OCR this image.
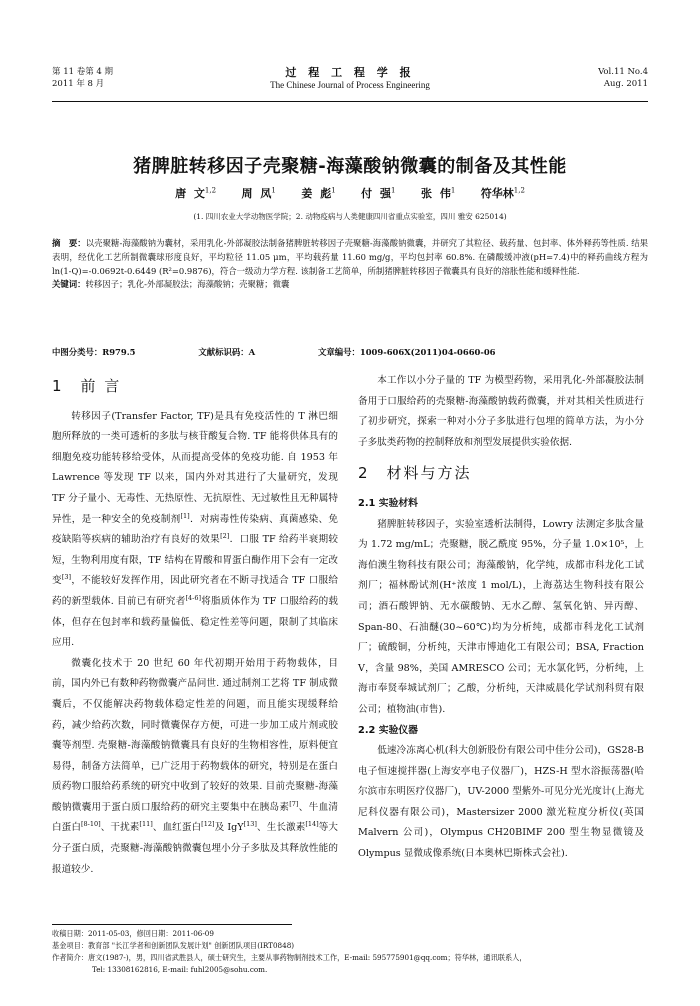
第 11 卷第 4 期
2011 年 8 月
过 程 工 程 学 报
The Chinese Journal of Process Engineering
Vol.11 No.4
Aug. 2011
猪脾脏转移因子壳聚糖-海藻酸钠微囊的制备及其性能
唐 文$^{1,2}$ 周 凤$^1$ 姜 彪$^1$ 付 强$^1$ 张 伟$^1$ 符华林$^{1,2}$
(1. 四川农业大学动物医学院；2. 动物疫病与人类健康四川省重点实验室，四川 雅安 625014)
摘　要：以壳聚糖-海藻酸钠为囊材，采用乳化-外部凝胶法制备猪脾脏转移因子壳聚糖-海藻酸钠微囊，并研究了其粒径、载药量、包封率、体外释药等性质. 结果表明，经优化工艺所制微囊球形度良好，平均粒径 11.05 μm，平均载药量 11.60 mg/g，平均包封率 60.8%. 在磷酸缓冲液(pH=7.4)中的释药曲线方程为 ln(1-Q)=-0.0692t-0.6449 (R²=0.9876)，符合一级动力学方程. 该制备工艺简单，所制猪脾脏转移因子微囊具有良好的溶胀性能和缓释性能.
关键词：转移因子；乳化-外部凝胶法；海藻酸钠；壳聚糖；微囊
中图分类号：R979.5	文献标识码：A	文章编号：1009-606X(2011)04-0660-06
1　前 言

转移因子(Transfer Factor, TF)是具有免疫活性的 T 淋巴细胞所释放的一类可透析的多肽与核苷酸复合物. TF 能将供体具有的细胞免疫功能转移给受体，从而提高受体的免疫功能. 自 1953 年 Lawrence 等发现 TF 以来，国内外对其进行了大量研究，发现 TF 分子量小、无毒性、无热原性、无抗原性、无过敏性且无种属特异性，是一种安全的免疫制剂[1]．对病毒性传染病、真菌感染、免疫缺陷等疾病的辅助治疗有良好的效果[2]．口服 TF 给药半衰期较短，生物利用度有限，TF 结构在胃酸和胃蛋白酶作用下会有一定改变[3]，不能较好发挥作用，因此研究者在不断寻找适合 TF 口服给药的新型载体. 目前已有研究者[4-6]将脂质体作为 TF 口服给药的载体，但存在包封率和载药量偏低、稳定性差等问题，限制了其临床应用.

微囊化技术于 20 世纪 60 年代初期开始用于药物载体，目前，国内外已有数种药物微囊产品问世. 通过制剂工艺将 TF 制成微囊后，不仅能解决药物载体稳定性差的问题，而且能实现缓释给药，减少给药次数，同时微囊保存方便，可进一步加工成片剂或胶囊等剂型. 壳聚糖-海藻酸钠微囊具有良好的生物相容性，原料便宜易得，制备方法简单，已广泛用于药物载体的研究，特别是在蛋白质药物口服给药系统的研究中收到了较好的效果. 目前壳聚糖-海藻酸钠微囊用于蛋白质口服给药的研究主要集中在胰岛素[7]、牛血清白蛋白[8-10]、干扰素[11]、血红蛋白[12]及 IgY[13]、生长激素[14]等大分子蛋白质，壳聚糖-海藻酸钠微囊包埋小分子多肽及其释放性能的报道较少.

本工作以小分子量的 TF 为模型药物，采用乳化-外部凝胶法制备用于口服给药的壳聚糖-海藻酸钠载药微囊，并对其相关性质进行了初步研究，探索一种对小分子多肽进行包埋的简单方法，为小分子多肽类药物的控制释放和剂型发展提供实验依据.

2　材料与方法
2.1 实验材料

猪脾脏转移因子，实验室透析法制得，Lowry 法测定多肽含量为 1.72 mg/mL；壳聚糖，脱乙酰度 95%，分子量 1.0×10⁵，上海伯澳生物科技有限公司；海藻酸钠，化学纯，成都市科龙化工试剂厂；福林酚试剂(H⁺浓度 1 mol/L)，上海荔达生物科技有限公司；酒石酸钾钠、无水碳酸钠、无水乙醇、氢氧化钠、异丙醇、Span-80、石油醚(30~60℃)均为分析纯，成都市科龙化工试剂厂；硫酸铜，分析纯，天津市博迪化工有限公司；BSA, Fraction V，含量 98%，美国 AMRESCO 公司；无水氯化钙，分析纯，上海市奉贤奉城试剂厂；乙酸，分析纯，天津威晨化学试剂科贸有限公司；植物油(市售).

2.2 实验仪器

低速冷冻离心机(科大创新股份有限公司中佳分公司)，GS28-B 电子恒速搅拌器(上海安亭电子仪器厂)，HZS-H 型水浴振荡器(哈尔滨市东明医疗仪器厂)，UV-2000 型紫外-可见分光光度计(上海尤尼科仪器有限公司)，Mastersizer 2000 激光粒度分析仪(英国 Malvern 公司)，Olympus CH20BIMF 200 型生物显微镜及 Olympus 显微成像系统(日本奥林巴斯株式会社).

收稿日期：2011-05-03，修回日期：2011-06-09
基金项目：教育部 "长江学者和创新团队发展计划" 创新团队项目(IRT0848)
作者简介：唐文(1987-)，男，四川省武胜县人，硕士研究生，主要从事药物制剂技术工作，E-mail: 595775901@qq.com；符华林，通讯联系人，
Tel: 13308162816, E-mail: fuhl2005@sohu.com.
